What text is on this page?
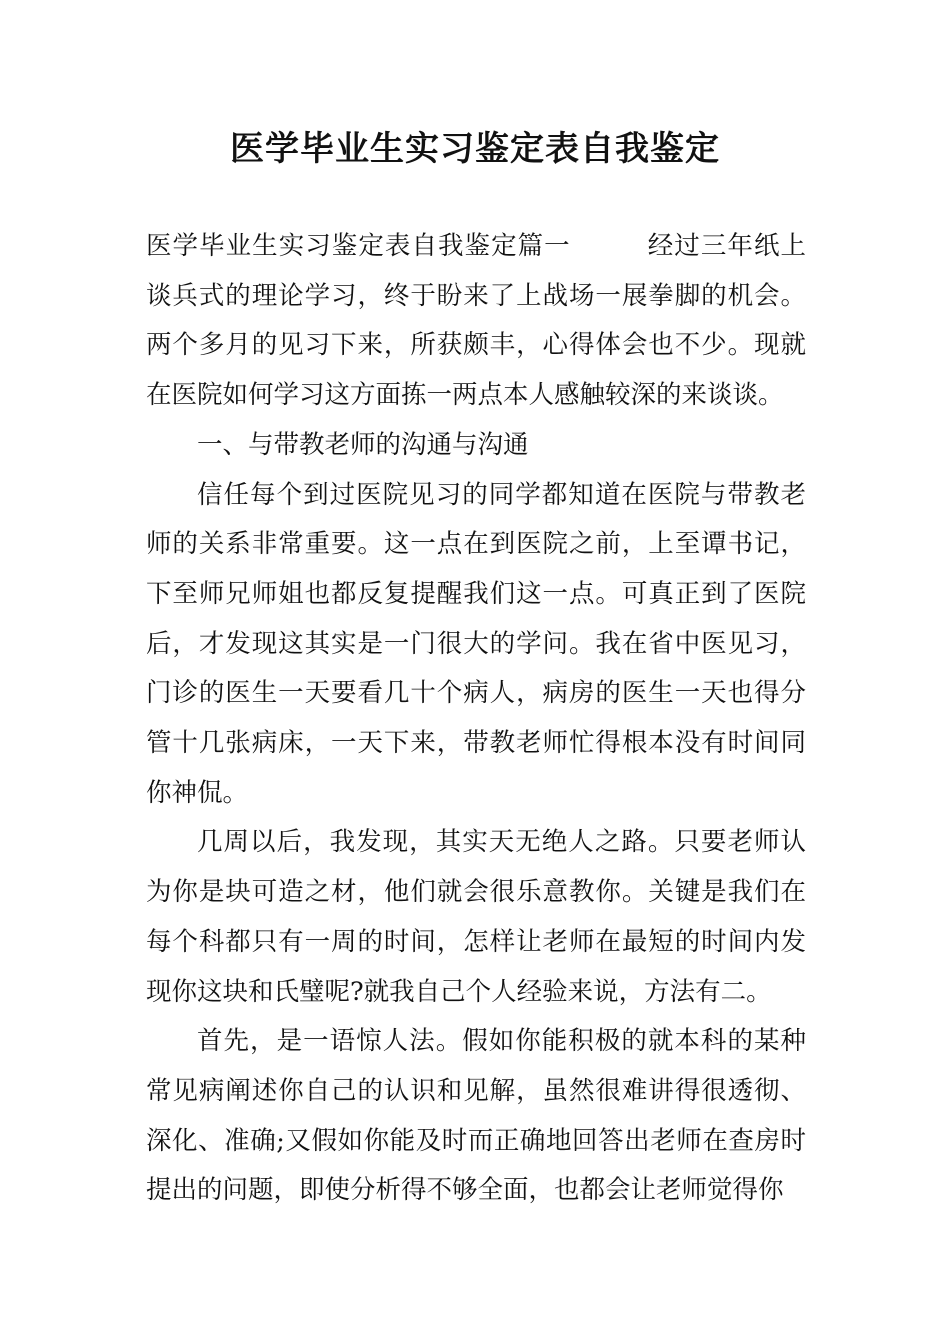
医学毕业生实习鉴定表自我鉴定

医学毕业生实习鉴定表自我鉴定篇一	经过三年纸上谈兵式的理论学习，终于盼来了上战场一展拳脚的机会。两个多月的见习下来，所获颇丰，心得体会也不少。现就在医院如何学习这方面拣一两点本人感触较深的来谈谈。

一、与带教老师的沟通与沟通

信任每个到过医院见习的同学都知道在医院与带教老师的关系非常重要。这一点在到医院之前，上至谭书记，下至师兄师姐也都反复提醒我们这一点。可真正到了医院后，才发现这其实是一门很大的学问。我在省中医见习，门诊的医生一天要看几十个病人，病房的医生一天也得分管十几张病床，一天下来，带教老师忙得根本没有时间同你神侃。

几周以后，我发现，其实天无绝人之路。只要老师认为你是块可造之材，他们就会很乐意教你。关键是我们在每个科都只有一周的时间，怎样让老师在最短的时间内发现你这块和氏璧呢?就我自己个人经验来说，方法有二。

首先，是一语惊人法。假如你能积极的就本科的某种常见病阐述你自己的认识和见解，虽然很难讲得很透彻、深化、准确;又假如你能及时而正确地回答出老师在查房时提出的问题，即使分析得不够全面，也都会让老师觉得你
